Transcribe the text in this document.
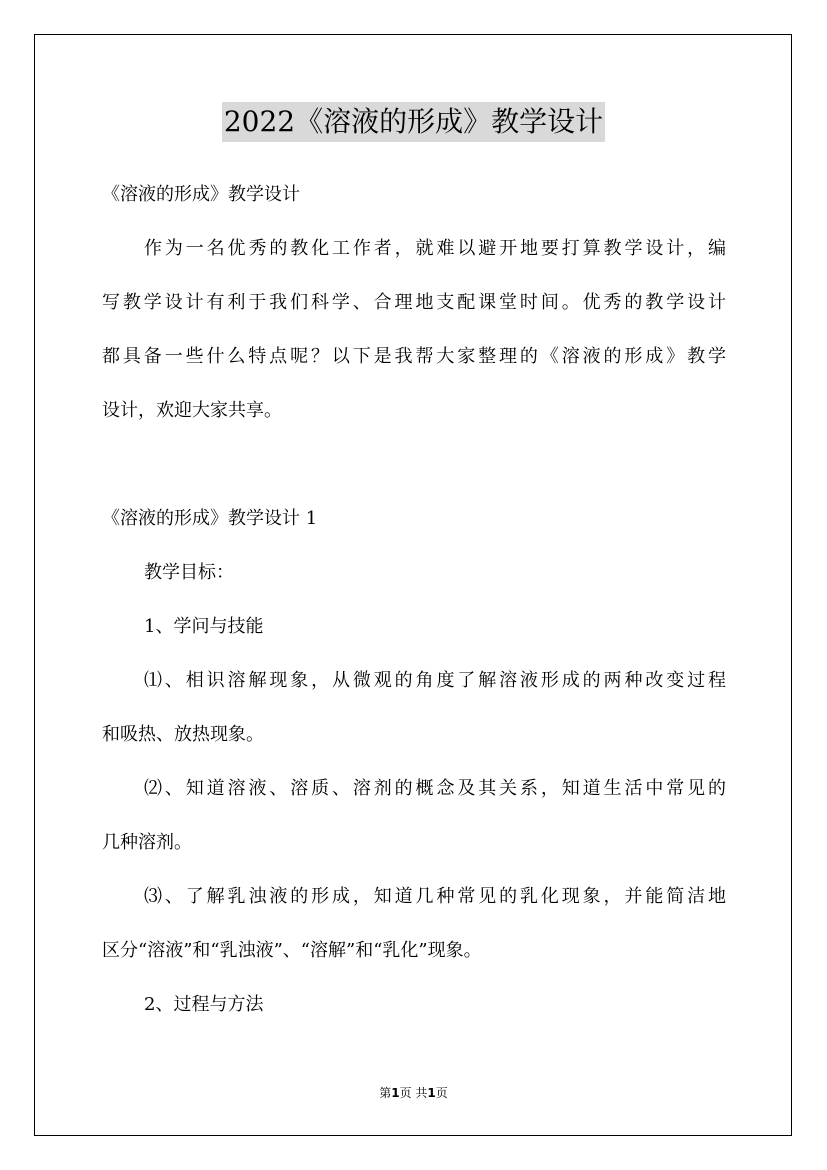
2022《溶液的形成》教学设计
《溶液的形成》教学设计
作为一名优秀的教化工作者，就难以避开地要打算教学设计，编
写教学设计有利于我们科学、合理地支配课堂时间。优秀的教学设计
都具备一些什么特点呢？以下是我帮大家整理的《溶液的形成》教学
设计，欢迎大家共享。
《溶液的形成》教学设计 1
教学目标：
1、学问与技能
⑴、相识溶解现象，从微观的角度了解溶液形成的两种改变过程
和吸热、放热现象。
⑵、知道溶液、溶质、溶剂的概念及其关系，知道生活中常见的
几种溶剂。
⑶、了解乳浊液的形成，知道几种常见的乳化现象，并能简洁地
区分“溶液”和“乳浊液”、“溶解”和“乳化”现象。
2、过程与方法
第1页 共1页
